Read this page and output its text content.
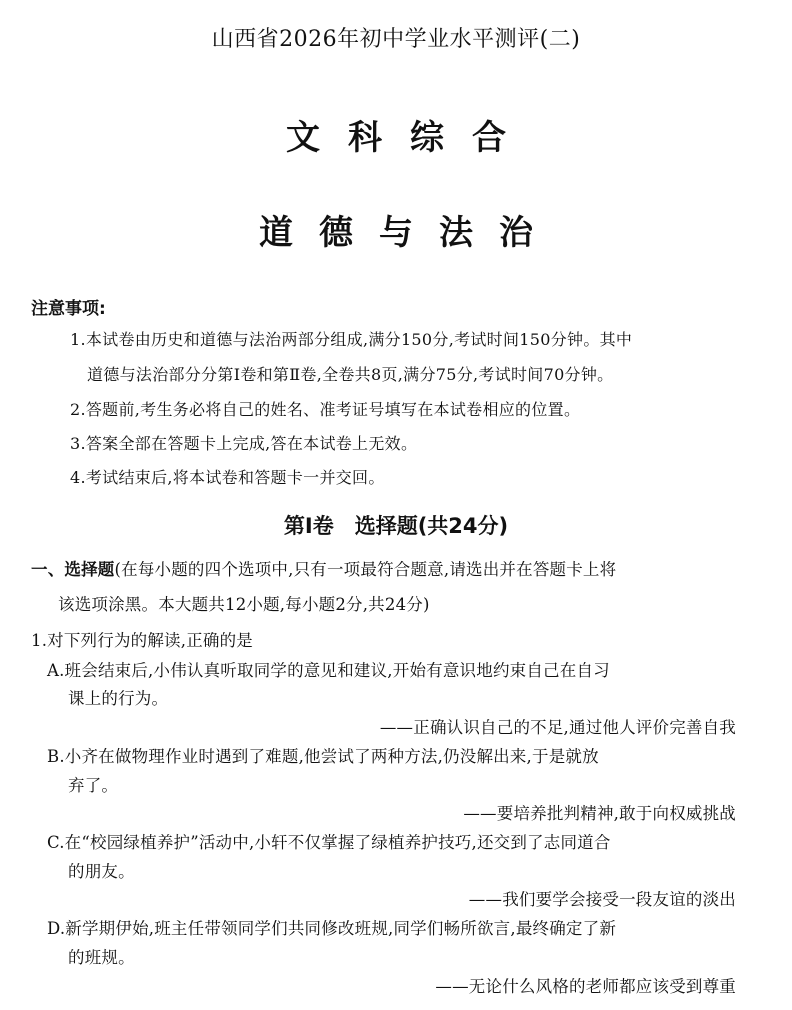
山西省2026年初中学业水平测评(二)
文科综合
道德与法治
注意事项:
1.本试卷由历史和道德与法治两部分组成,满分150分,考试时间150分钟。其中
道德与法治部分分第Ⅰ卷和第Ⅱ卷,全卷共8页,满分75分,考试时间70分钟。
2.答题前,考生务必将自己的姓名、准考证号填写在本试卷相应的位置。
3.答案全部在答题卡上完成,答在本试卷上无效。
4.考试结束后,将本试卷和答题卡一并交回。
第Ⅰ卷　选择题(共24分)
一、选择题(在每小题的四个选项中,只有一项最符合题意,请选出并在答题卡上将
该选项涂黑。本大题共12小题,每小题2分,共24分)
1.对下列行为的解读,正确的是
A.班会结束后,小伟认真听取同学的意见和建议,开始有意识地约束自己在自习
课上的行为。
——正确认识自己的不足,通过他人评价完善自我
B.小齐在做物理作业时遇到了难题,他尝试了两种方法,仍没解出来,于是就放
弃了。
——要培养批判精神,敢于向权威挑战
C.在“校园绿植养护”活动中,小轩不仅掌握了绿植养护技巧,还交到了志同道合
的朋友。
——我们要学会接受一段友谊的淡出
D.新学期伊始,班主任带领同学们共同修改班规,同学们畅所欲言,最终确定了新
的班规。
——无论什么风格的老师都应该受到尊重
